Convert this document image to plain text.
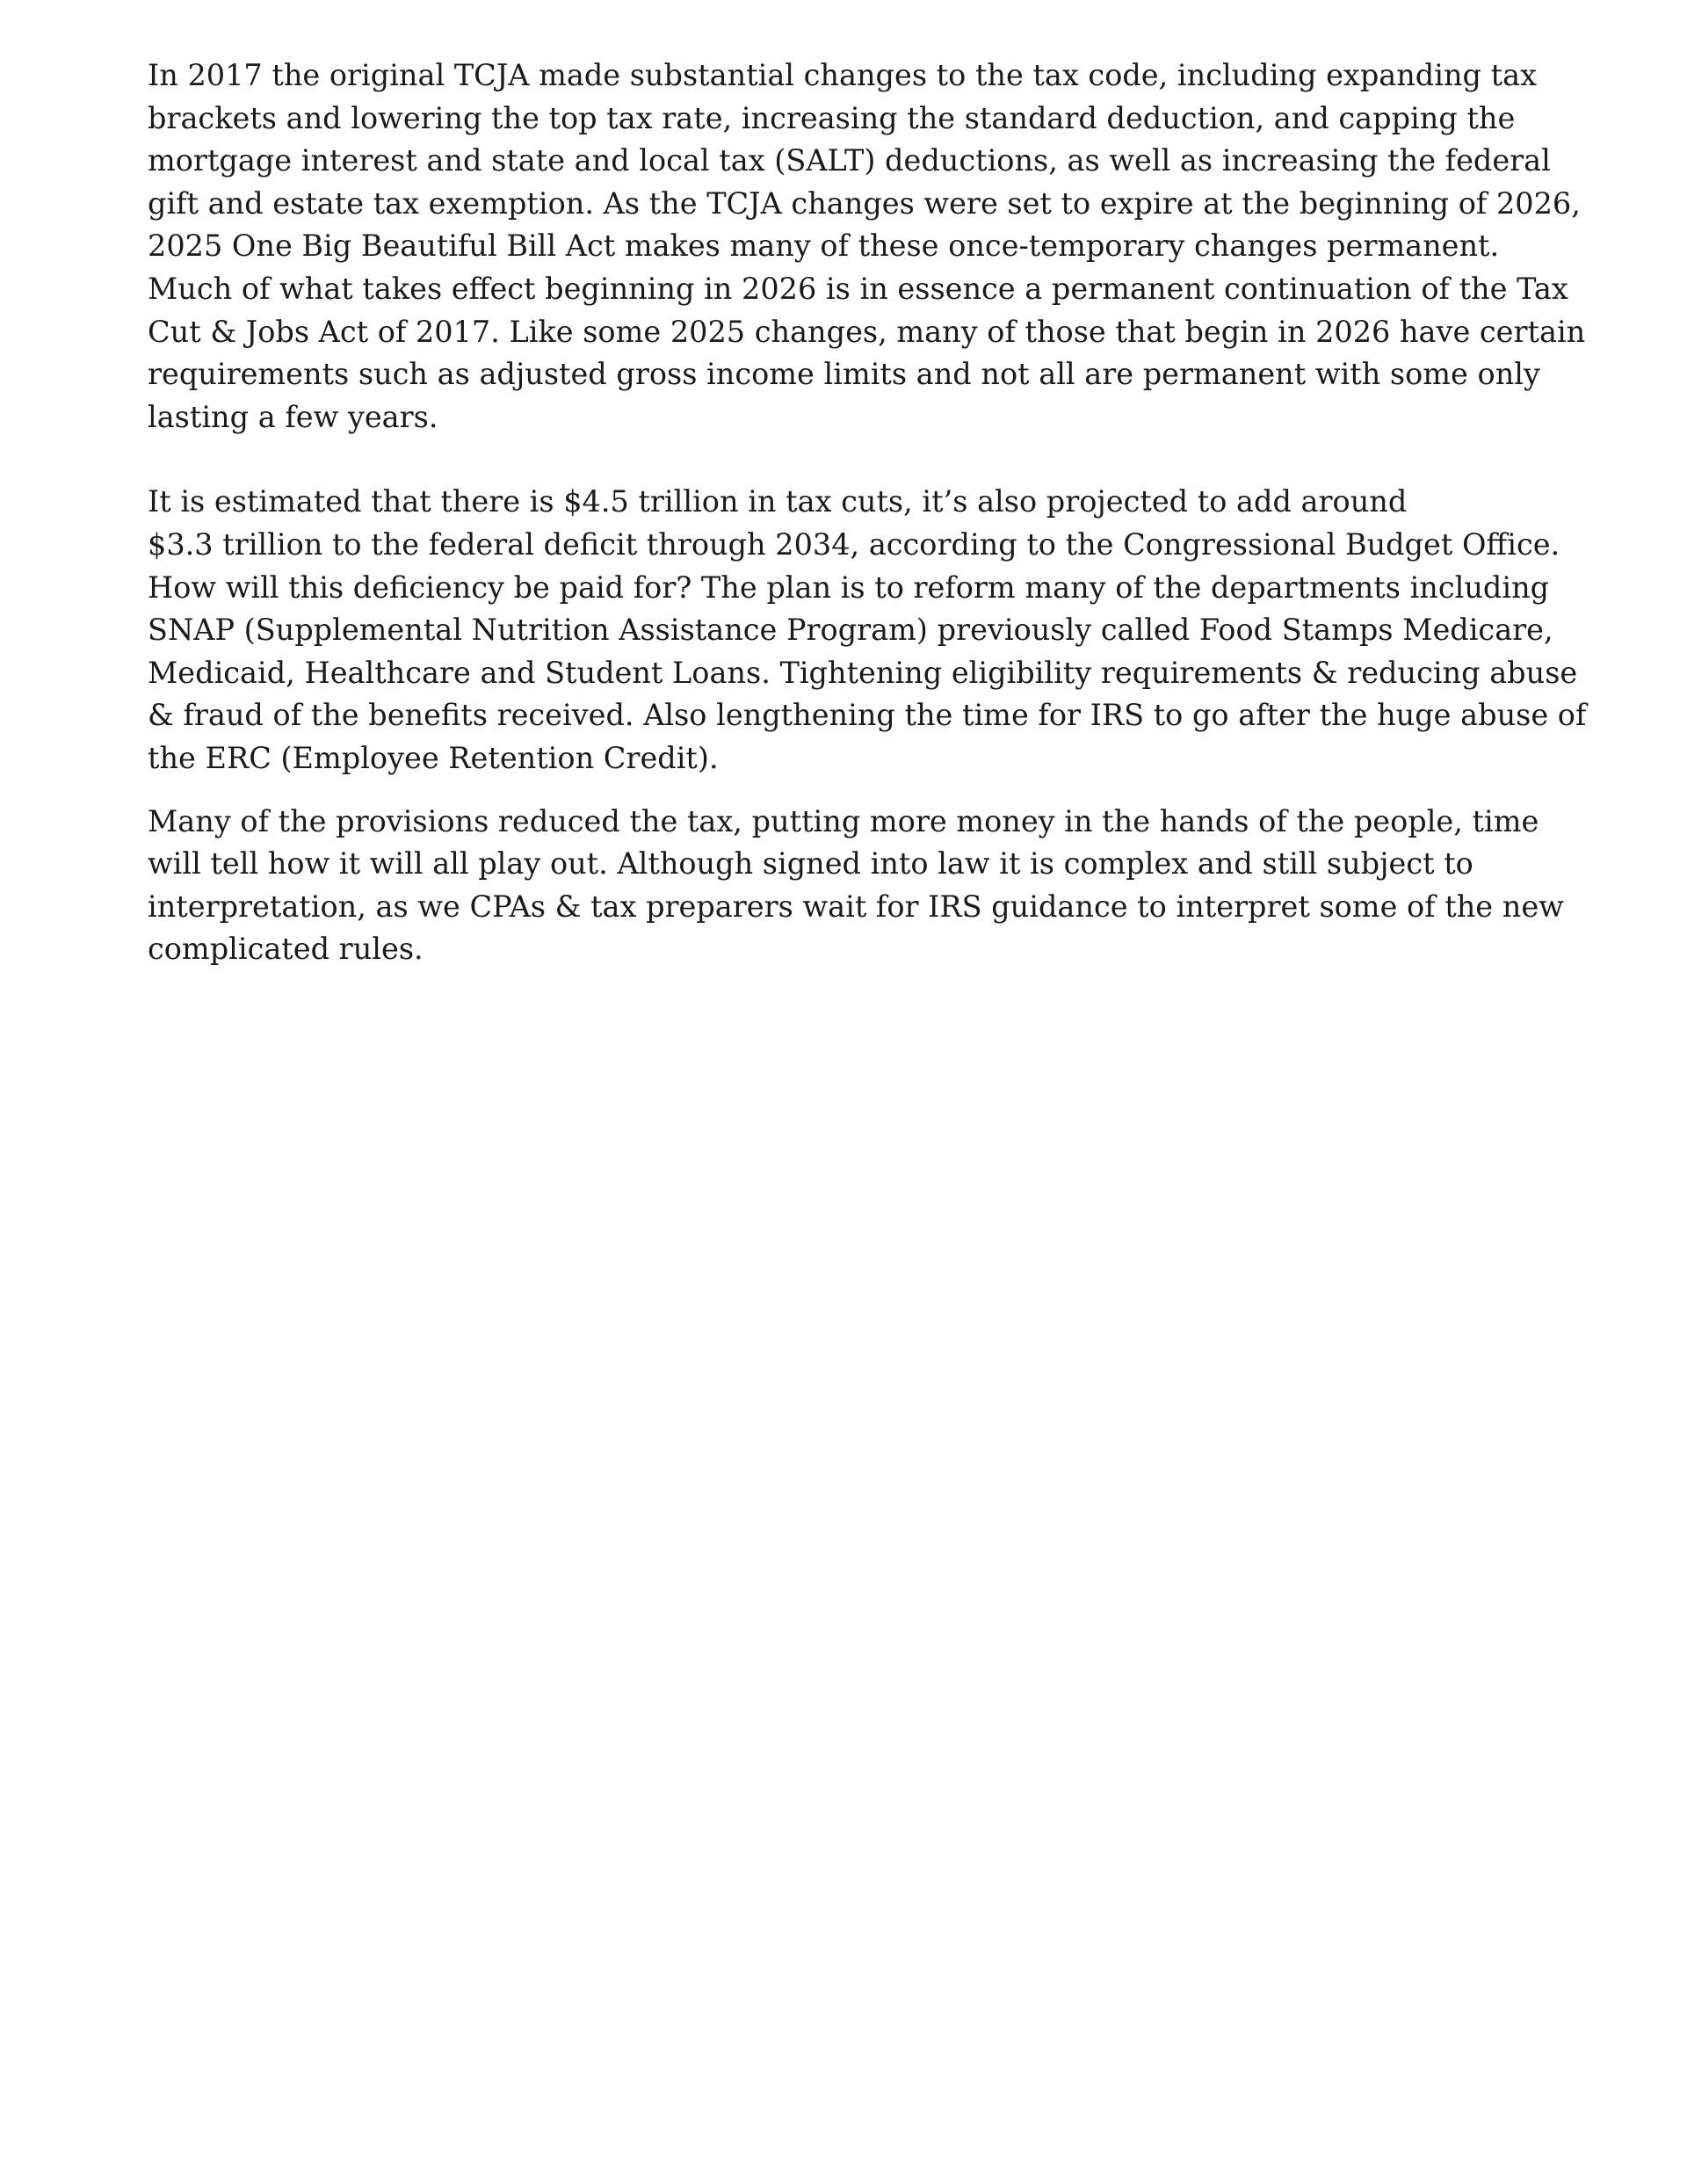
In 2017 the original TCJA made substantial changes to the tax code, including expanding tax
brackets and lowering the top tax rate, increasing the standard deduction, and capping the
mortgage interest and state and local tax (SALT) deductions, as well as increasing the federal
gift and estate tax exemption. As the TCJA changes were set to expire at the beginning of 2026,
2025 One Big Beautiful Bill Act makes many of these once-temporary changes permanent.
Much of what takes effect beginning in 2026 is in essence a permanent continuation of the Tax
Cut & Jobs Act of 2017. Like some 2025 changes, many of those that begin in 2026 have certain
requirements such as adjusted gross income limits and not all are permanent with some only
lasting a few years.

It is estimated that there is $4.5 trillion in tax cuts, it’s also projected to add around
$3.3 trillion to the federal deficit through 2034, according to the Congressional Budget Office.
How will this deficiency be paid for? The plan is to reform many of the departments including
SNAP (Supplemental Nutrition Assistance Program) previously called Food Stamps Medicare,
Medicaid, Healthcare and Student Loans. Tightening eligibility requirements & reducing abuse
& fraud of the benefits received. Also lengthening the time for IRS to go after the huge abuse of
the ERC (Employee Retention Credit).

Many of the provisions reduced the tax, putting more money in the hands of the people, time
will tell how it will all play out. Although signed into law it is complex and still subject to
interpretation, as we CPAs & tax preparers wait for IRS guidance to interpret some of the new
complicated rules.
